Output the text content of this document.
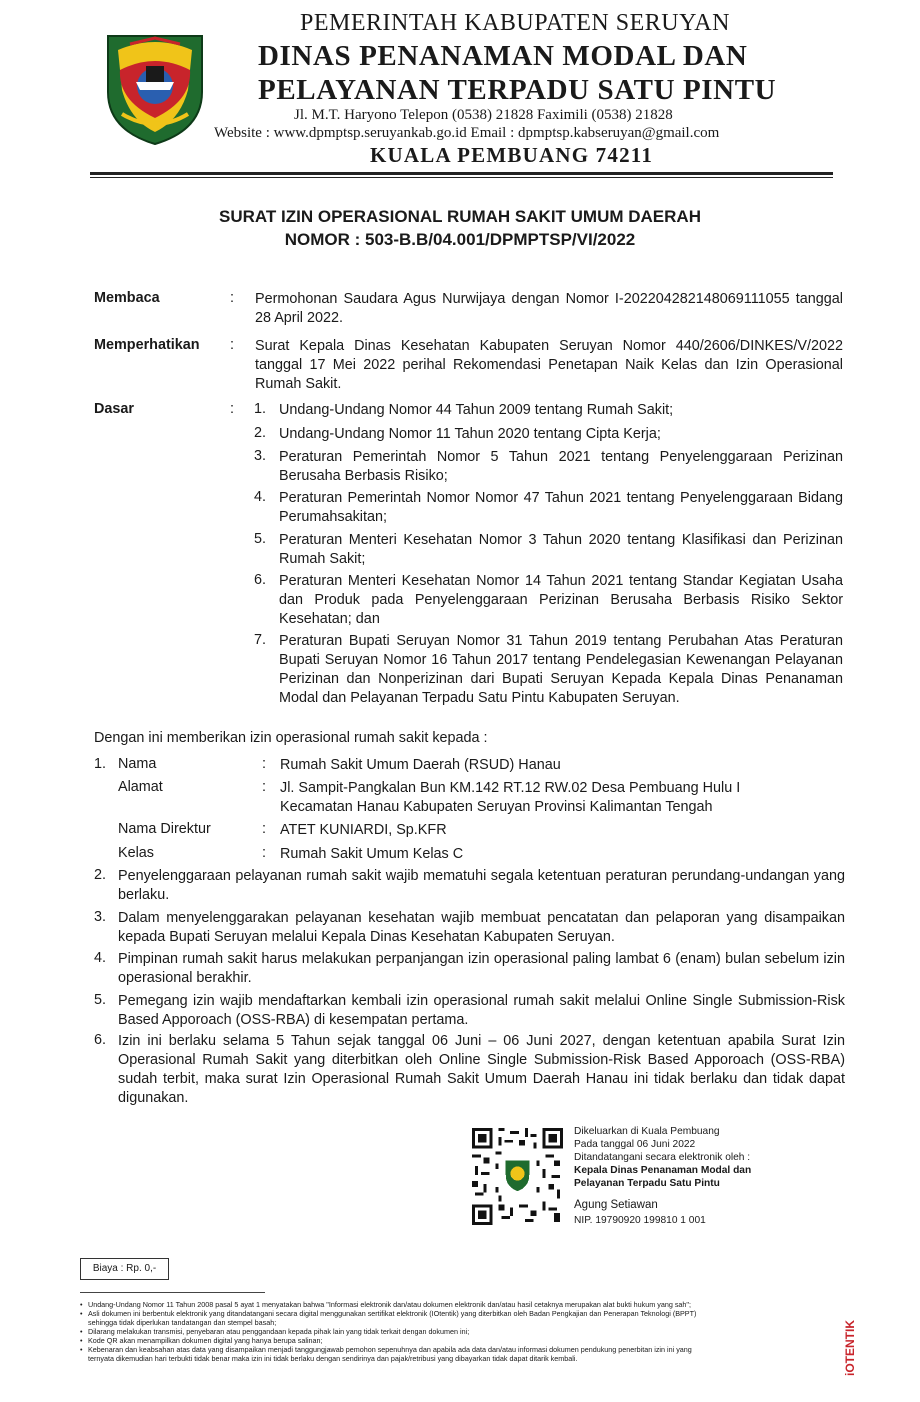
PEMERINTAH KABUPATEN SERUYAN
DINAS PENANAMAN MODAL DAN
PELAYANAN TERPADU SATU PINTU
Jl. M.T. Haryono Telepon (0538) 21828 Faximili (0538) 21828
Website : www.dpmptsp.seruyankab.go.id Email : dpmptsp.kabseruyan@gmail.com
KUALA PEMBUANG 74211
SURAT IZIN OPERASIONAL RUMAH SAKIT UMUM DAERAH
NOMOR : 503-B.B/04.001/DPMPTSP/VI/2022
Membaca	: Permohonan Saudara Agus Nurwijaya dengan Nomor I-202204282148069111055 tanggal 28 April 2022.
Memperhatikan : Surat Kepala Dinas Kesehatan Kabupaten Seruyan Nomor 440/2606/DINKES/V/2022 tanggal 17 Mei 2022 perihal Rekomendasi Penetapan Naik Kelas dan Izin Operasional Rumah Sakit.
Dasar	: 1. Undang-Undang Nomor 44 Tahun 2009 tentang Rumah Sakit;
2. Undang-Undang Nomor 11 Tahun 2020 tentang Cipta Kerja;
3. Peraturan Pemerintah Nomor 5 Tahun 2021 tentang Penyelenggaraan Perizinan Berusaha Berbasis Risiko;
4. Peraturan Pemerintah Nomor Nomor 47 Tahun 2021 tentang Penyelenggaraan Bidang Perumahsakitan;
5. Peraturan Menteri Kesehatan Nomor 3 Tahun 2020 tentang Klasifikasi dan Perizinan Rumah Sakit;
6. Peraturan Menteri Kesehatan Nomor 14 Tahun 2021 tentang Standar Kegiatan Usaha dan Produk pada Penyelenggaraan Perizinan Berusaha Berbasis Risiko Sektor Kesehatan; dan
7. Peraturan Bupati Seruyan Nomor 31 Tahun 2019 tentang Perubahan Atas Peraturan Bupati Seruyan Nomor 16 Tahun 2017 tentang Pendelegasian Kewenangan Pelayanan Perizinan dan Nonperizinan dari Bupati Seruyan Kepada Kepala Dinas Penanaman Modal dan Pelayanan Terpadu Satu Pintu Kabupaten Seruyan.
Dengan ini memberikan izin operasional rumah sakit kepada :
1. Nama	: Rumah Sakit Umum Daerah (RSUD) Hanau
Alamat	: Jl. Sampit-Pangkalan Bun KM.142 RT.12 RW.02 Desa Pembuang Hulu I Kecamatan Hanau Kabupaten Seruyan Provinsi Kalimantan Tengah
Nama Direktur	: ATET KUNIARDI, Sp.KFR
Kelas	: Rumah Sakit Umum Kelas C
2. Penyelenggaraan pelayanan rumah sakit wajib mematuhi segala ketentuan peraturan perundang-undangan yang berlaku.
3. Dalam menyelenggarakan pelayanan kesehatan wajib membuat pencatatan dan pelaporan yang disampaikan kepada Bupati Seruyan melalui Kepala Dinas Kesehatan Kabupaten Seruyan.
4. Pimpinan rumah sakit harus melakukan perpanjangan izin operasional paling lambat 6 (enam) bulan sebelum izin operasional berakhir.
5. Pemegang izin wajib mendaftarkan kembali izin operasional rumah sakit melalui Online Single Submission-Risk Based Apporoach (OSS-RBA) di kesempatan pertama.
6. Izin ini berlaku selama 5 Tahun sejak tanggal 06 Juni – 06 Juni 2027, dengan ketentuan apabila Surat Izin Operasional Rumah Sakit yang diterbitkan oleh Online Single Submission-Risk Based Apporoach (OSS-RBA) sudah terbit, maka surat Izin Operasional Rumah Sakit Umum Daerah Hanau ini tidak berlaku dan tidak dapat digunakan.
Dikeluarkan di Kuala Pembuang
Pada tanggal 06 Juni 2022
Ditandatangani secara elektronik oleh :
Kepala Dinas Penanaman Modal dan
Pelayanan Terpadu Satu Pintu
Agung Setiawan
NIP. 19790920 199810 1 001
Biaya : Rp. 0,-
• Undang-Undang Nomor 11 Tahun 2008 pasal 5 ayat 1 menyatakan bahwa "Informasi elektronik dan/atau dokumen elektronik dan/atau hasil cetaknya merupakan alat bukti hukum yang sah";
• Asli dokumen ini berbentuk elektronik yang ditandatangani secara digital menggunakan sertifikat elektronik (IOtentik) yang diterbitkan oleh Badan Pengkajian dan Penerapan Teknologi (BPPT)
sehingga tidak diperlukan tandatangan dan stempel basah;
• Dilarang melakukan transmisi, penyebaran atau penggandaan kepada pihak lain yang tidak terkait dengan dokumen ini;
• Kode QR akan menampilkan dokumen digital yang hanya berupa salinan;
• Kebenaran dan keabsahan atas data yang disampaikan menjadi tanggungjawab pemohon sepenuhnya dan apabila ada data dan/atau informasi dokumen pendukung penerbitan izin ini yang
ternyata dikemudian hari terbukti tidak benar maka izin ini tidak berlaku dengan sendirinya dan pajak/retribusi yang dibayarkan tidak dapat ditarik kembali.	iOTENTIK
